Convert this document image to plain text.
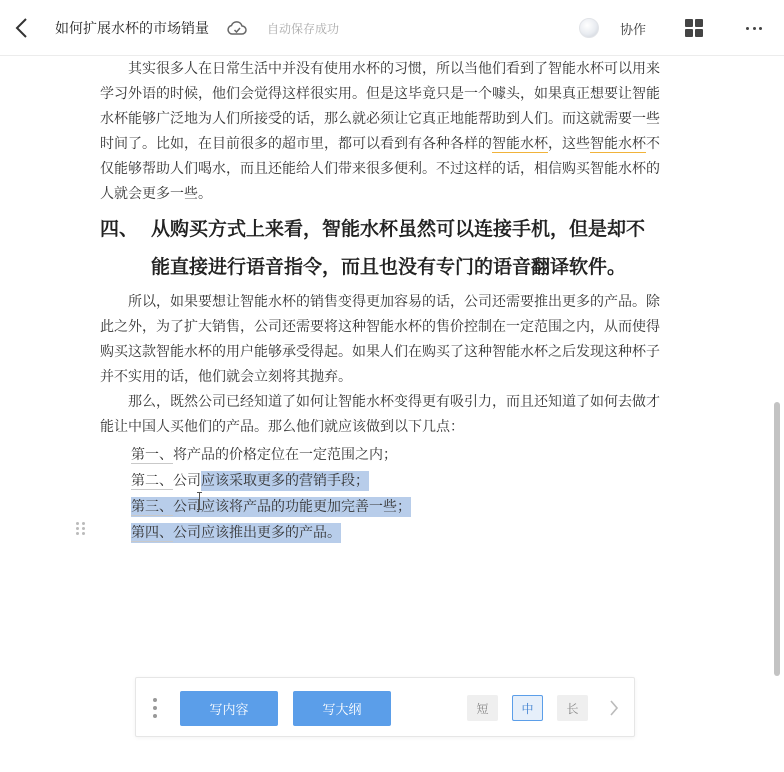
如何扩展水杯的市场销量	自动保存成功	协作

其实很多人在日常生活中并没有使用水杯的习惯，所以当他们看到了智能水杯可以用来学习外语的时候，他们会觉得这样很实用。但是这毕竟只是一个噱头，如果真正想要让智能水杯能够广泛地为人们所接受的话，那么就必须让它真正地能帮助到人们。而这就需要一些时间了。比如，在目前很多的超市里，都可以看到有各种各样的智能水杯，这些智能水杯不仅能够帮助人们喝水，而且还能给人们带来很多便利。不过这样的话，相信购买智能水杯的人就会更多一些。

四、 从购买方式上来看，智能水杯虽然可以连接手机，但是却不能直接进行语音指令，而且也没有专门的语音翻译软件。

所以，如果要想让智能水杯的销售变得更加容易的话，公司还需要推出更多的产品。除此之外，为了扩大销售，公司还需要将这种智能水杯的售价控制在一定范围之内，从而使得购买这款智能水杯的用户能够承受得起。如果人们在购买了这种智能水杯之后发现这种杯子并不实用的话，他们就会立刻将其抛弃。

那么，既然公司已经知道了如何让智能水杯变得更有吸引力，而且还知道了如何去做才能让中国人买他们的产品。那么他们就应该做到以下几点：

第一、将产品的价格定位在一定范围之内；
第二、公司应该采取更多的营销手段；
第三、公司应该将产品的功能更加完善一些；
第四、公司应该推出更多的产品。
写内容	写大纲	短	中	长
